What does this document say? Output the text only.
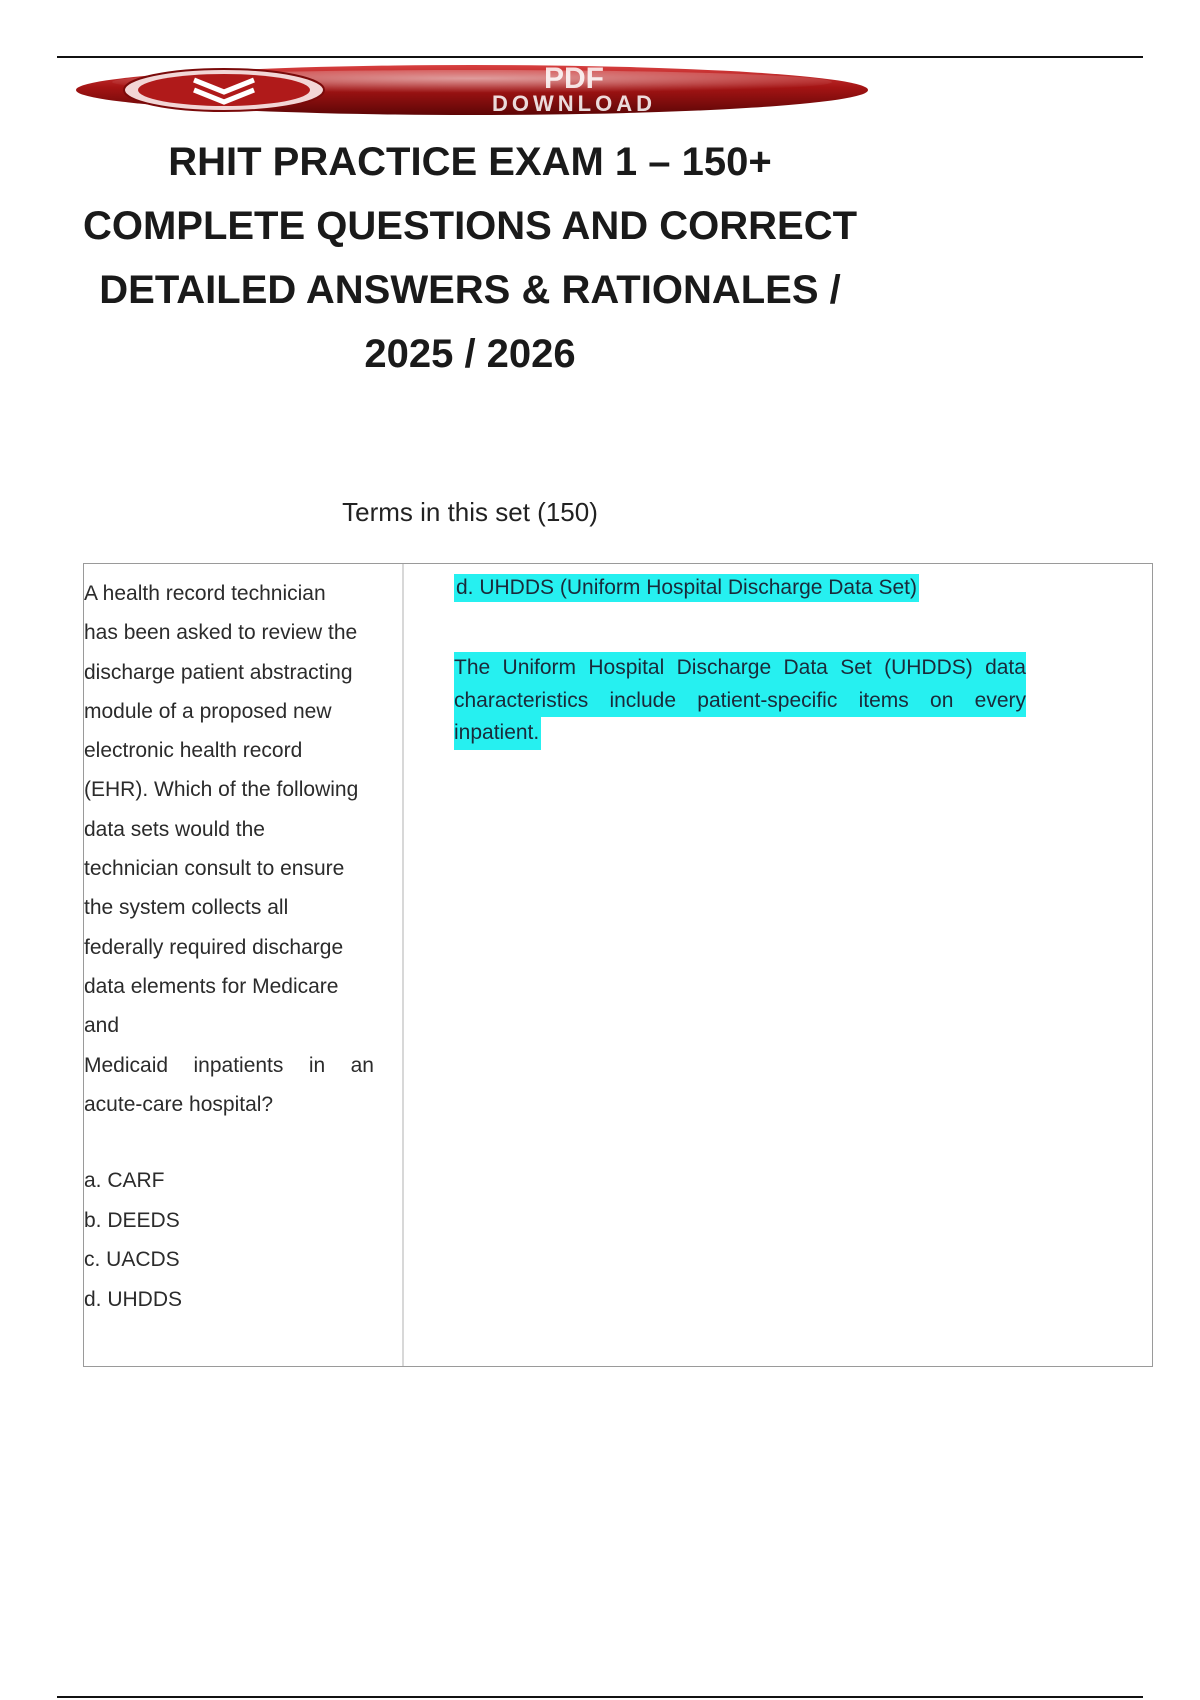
PDF
DOWNLOAD
RHIT PRACTICE EXAM 1 – 150+
COMPLETE QUESTIONS AND CORRECT
DETAILED ANSWERS & RATIONALES /
2025 / 2026
Terms in this set (150)
A health record technician
has been asked to review the
discharge patient abstracting
module of a proposed new
electronic health record
(EHR). Which of the following
data sets would the
technician consult to ensure
the system collects all
federally required discharge
data elements for Medicare
and
Medicaid inpatients in an
acute-care hospital?
a. CARF
b. DEEDS
c. UACDS
d. UHDDS
d. UHDDS (Uniform Hospital Discharge Data Set)
The Uniform Hospital Discharge Data Set (UHDDS) data
characteristics include patient-specific items on every
inpatient.
